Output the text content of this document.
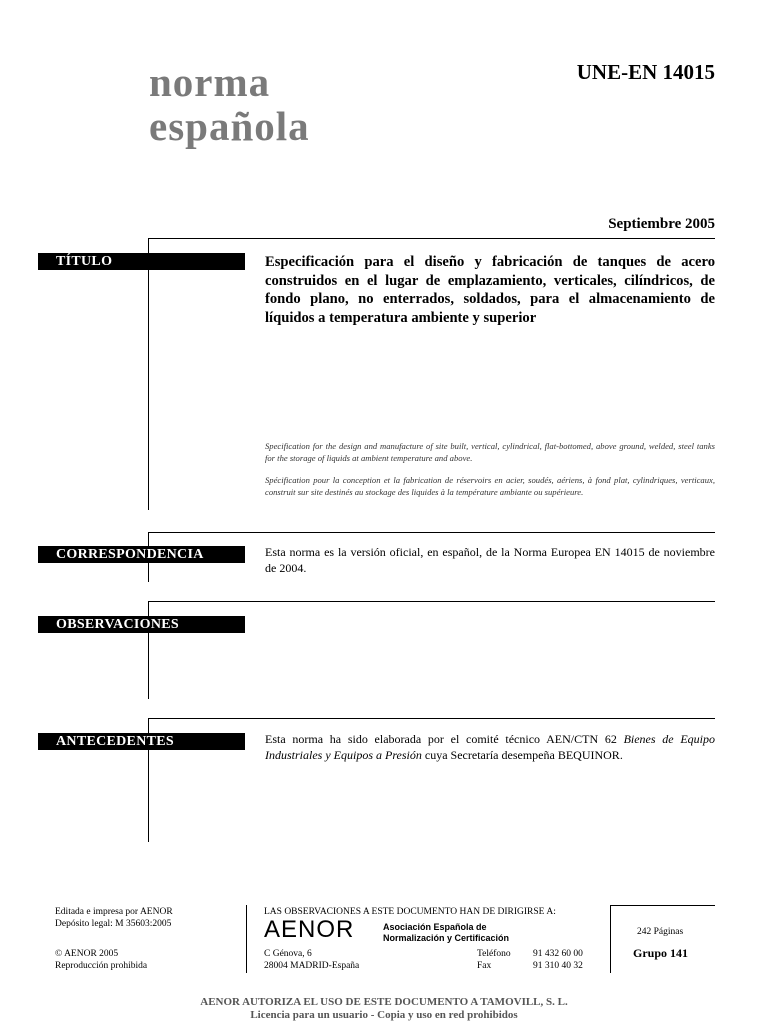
norma
española
UNE-EN 14015
Septiembre 2005
TÍTULO
CORRESPONDENCIA
OBSERVACIONES
ANTECEDENTES

Especificación para el diseño y fabricación de tanques de acero construidos en el lugar de emplazamiento, verticales, cilíndricos, de fondo plano, no enterrados, soldados, para el almacenamiento de líquidos a temperatura ambiente y superior

Specification for the design and manufacture of site built, vertical, cylindrical, flat-bottomed, above ground, welded, steel tanks for the storage of liquids at ambient temperature and above.

Spécification pour la conception et la fabrication de réservoirs en acier, soudés, aériens, à fond plat, cylindriques, verticaux, construit sur site destinés au stockage des liquides à la température ambiante ou supérieure.

Esta norma es la versión oficial, en español, de la Norma Europea EN 14015 de noviembre de 2004.

Esta norma ha sido elaborada por el comité técnico AEN/CTN 62 Bienes de Equipo Industriales y Equipos a Presión cuya Secretaría desempeña BEQUINOR.

Editada e impresa por AENOR
Depósito legal: M 35603:2005
© AENOR 2005
Reproducción prohibida
LAS OBSERVACIONES A ESTE DOCUMENTO HAN DE DIRIGIRSE A:
AENOR	Asociación Española de
Normalización y Certificación
C Génova, 6
28004 MADRID-España
Teléfono
Fax
91 432 60 00
91 310 40 32
242 Páginas
Grupo 141
AENOR AUTORIZA EL USO DE ESTE DOCUMENTO A TAMOVILL, S. L.
Licencia para un usuario - Copia y uso en red prohibidos
